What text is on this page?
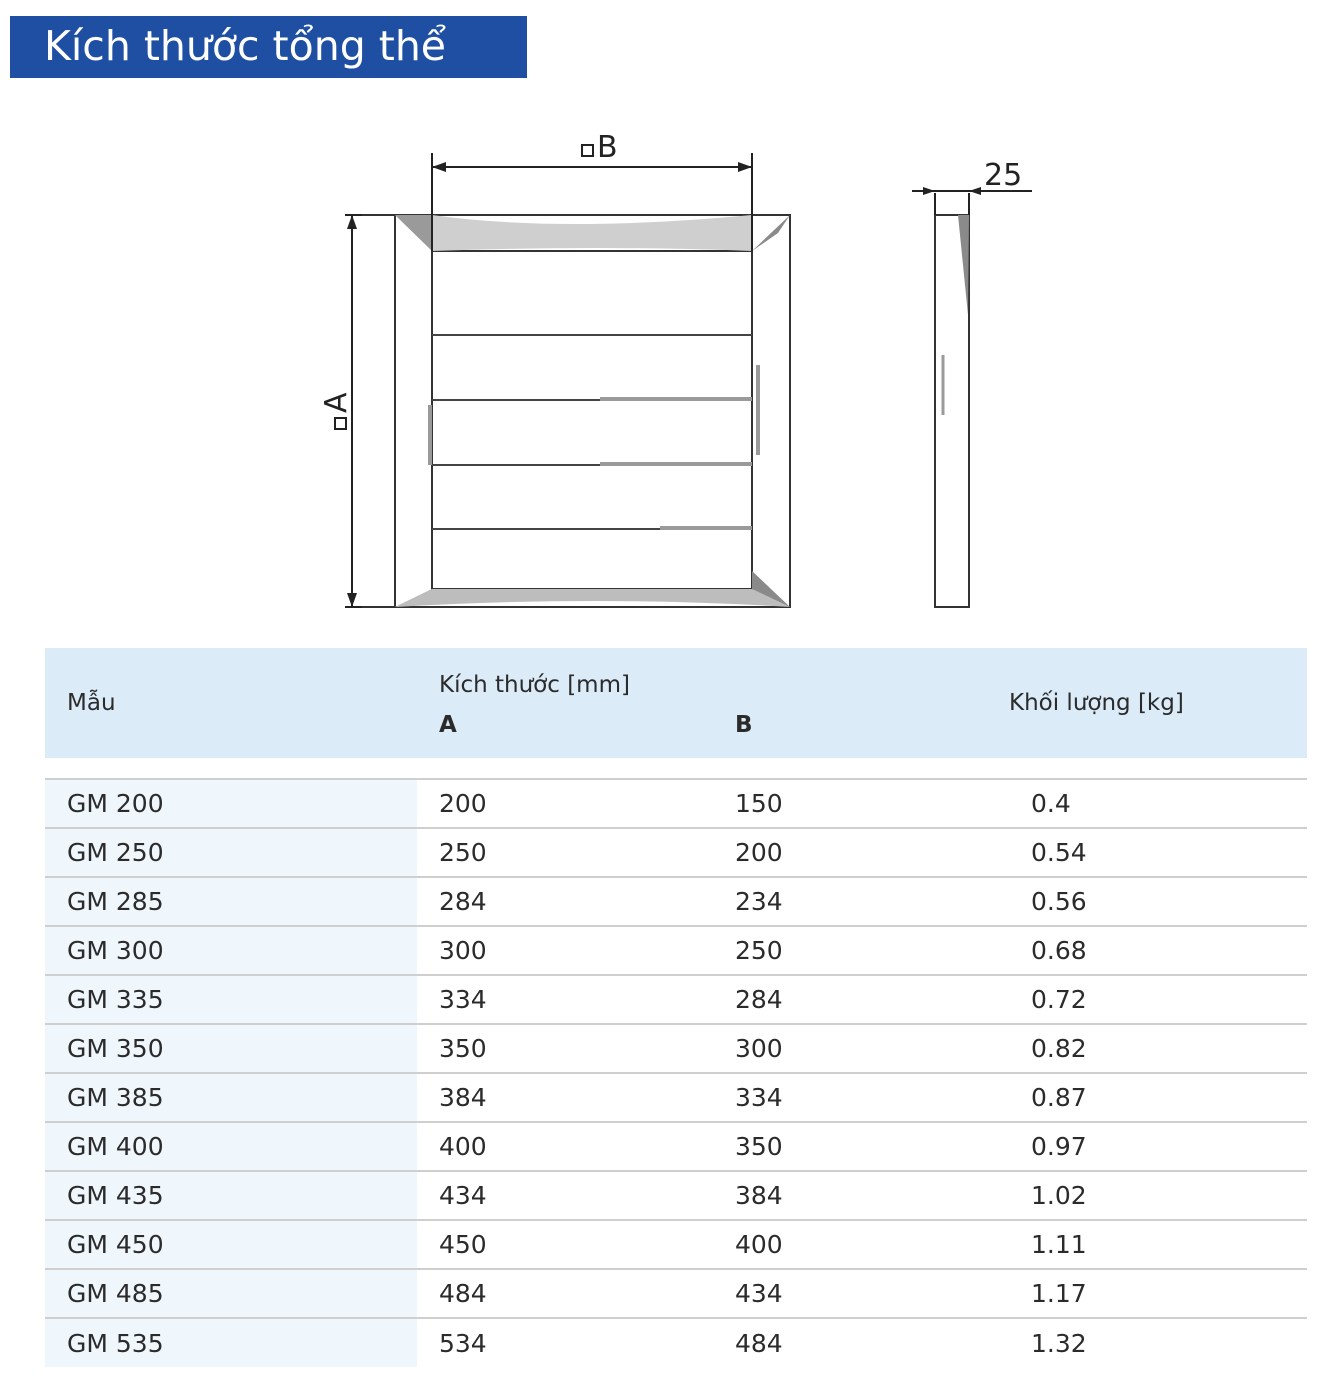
Kích thước tổng thể
B
A
25
Mẫu	Kích thước [mm]		Khối lượng [kg]
	A	B	

GM 200	200	150	0.4
GM 250	250	200	0.54
GM 285	284	234	0.56
GM 300	300	250	0.68
GM 335	334	284	0.72
GM 350	350	300	0.82
GM 385	384	334	0.87
GM 400	400	350	0.97
GM 435	434	384	1.02
GM 450	450	400	1.11
GM 485	484	434	1.17
GM 535	534	484	1.32
